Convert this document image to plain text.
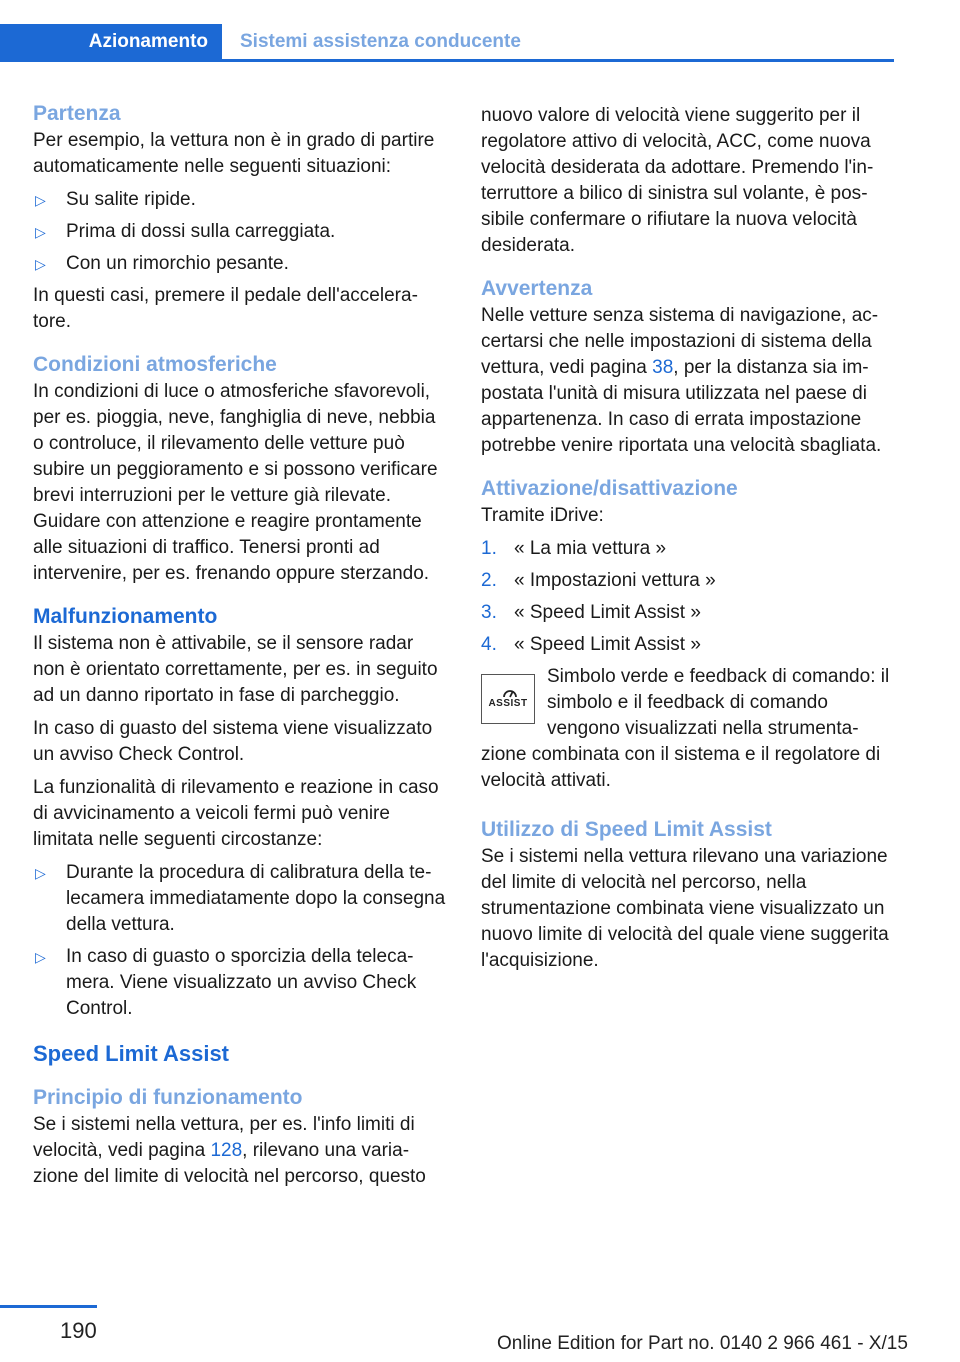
Azionamento	Sistemi assistenza conducente
Partenza

Per esempio, la vettura non è in grado di partire automaticamente nelle seguenti situazioni:

▷ Su salite ripide.
▷ Prima di dossi sulla carreggiata.
▷ Con un rimorchio pesante.

In questi casi, premere il pedale dell'acceleratore.

Condizioni atmosferiche

In condizioni di luce o atmosferiche sfavorevoli, per es. pioggia, neve, fanghiglia di neve, nebbia o controluce, il rilevamento delle vetture può subire un peggioramento e si possono verificare brevi interruzioni per le vetture già rilevate. Guidare con attenzione e reagire prontamente alle situazioni di traffico. Tenersi pronti ad intervenire, per es. frenando oppure sterzando.

Malfunzionamento

Il sistema non è attivabile, se il sensore radar non è orientato correttamente, per es. in seguito ad un danno riportato in fase di parcheggio.

In caso di guasto del sistema viene visualizzato un avviso Check Control.

La funzionalità di rilevamento e reazione in caso di avvicinamento a veicoli fermi può venire limitata nelle seguenti circostanze:

▷ Durante la procedura di calibratura della telecamera immediatamente dopo la consegna della vettura.
▷ In caso di guasto o sporcizia della telecamera. Viene visualizzato un avviso Check Control.
Speed Limit Assist
Principio di funzionamento

Se i sistemi nella vettura, per es. l'info limiti di velocità, vedi pagina 128, rilevano una variazione del limite di velocità nel percorso, questo

nuovo valore di velocità viene suggerito per il regolatore attivo di velocità, ACC, come nuova velocità desiderata da adottare. Premendo l'interruttore a bilico di sinistra sul volante, è possibile confermare o rifiutare la nuova velocità desiderata.

Avvertenza

Nelle vetture senza sistema di navigazione, accertarsi che nelle impostazioni di sistema della vettura, vedi pagina 38, per la distanza sia impostata l'unità di misura utilizzata nel paese di appartenenza. In caso di errata impostazione potrebbe venire riportata una velocità sbagliata.

Attivazione/disattivazione

Tramite iDrive:

1. « La mia vettura »
2. « Impostazioni vettura »
3. « Speed Limit Assist »
4. « Speed Limit Assist »
ASSIST
Simbolo verde e feedback di comando: il simbolo e il feedback di comando vengono visualizzati nella strumentazione combinata con il sistema e il regolatore di velocità attivati.
Utilizzo di Speed Limit Assist

Se i sistemi nella vettura rilevano una variazione del limite di velocità nel percorso, nella strumentazione combinata viene visualizzato un nuovo limite di velocità del quale viene suggerita l'acquisizione.

190
Online Edition for Part no. 0140 2 966 461 - X/15
